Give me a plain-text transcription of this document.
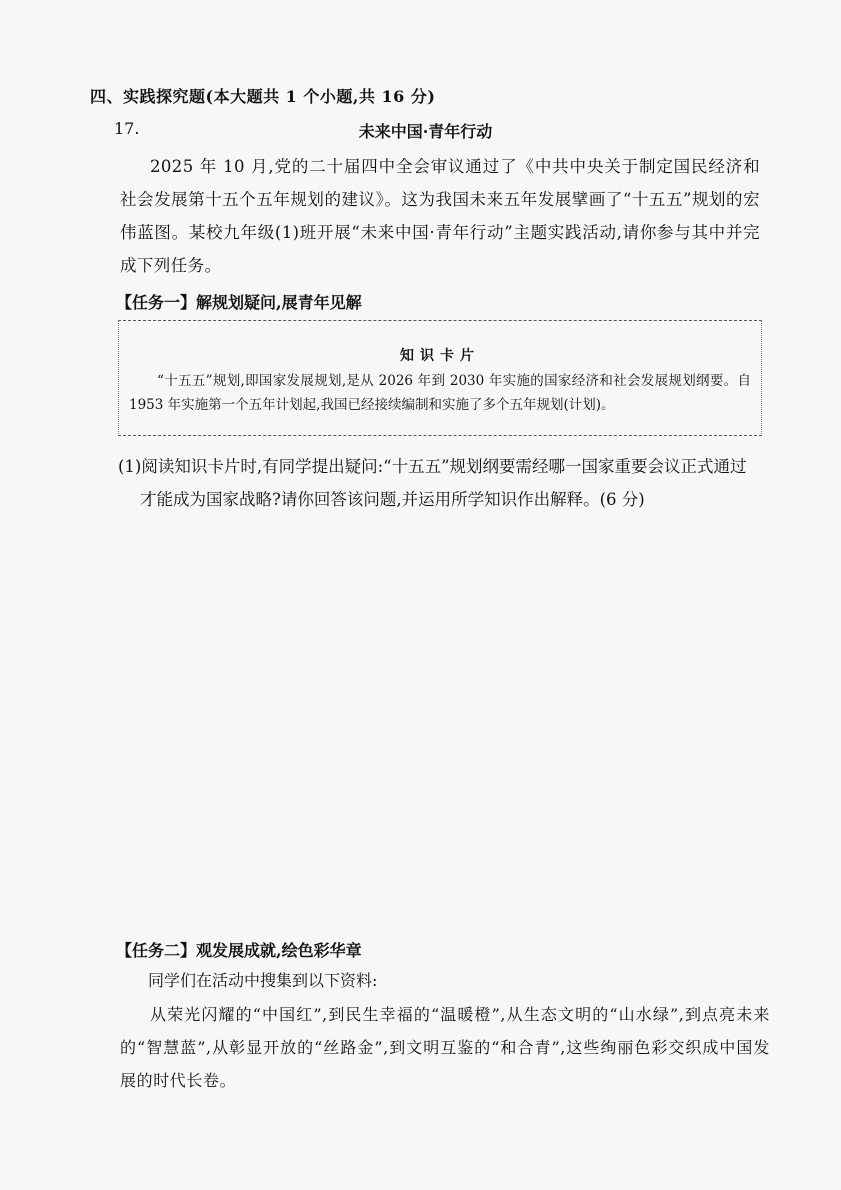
四、实践探究题(本大题共 1 个小题,共 16 分)
17.	未来中国·青年行动
2025 年 10 月,党的二十届四中全会审议通过了《中共中央关于制定国民经济和社会发展第十五个五年规划的建议》。这为我国未来五年发展擘画了“十五五”规划的宏伟蓝图。某校九年级(1)班开展“未来中国·青年行动”主题实践活动,请你参与其中并完成下列任务。
【任务一】解规划疑问,展青年见解
知识卡片
“十五五”规划,即国家发展规划,是从 2026 年到 2030 年实施的国家经济和社会发展规划纲要。自 1953 年实施第一个五年计划起,我国已经接续编制和实施了多个五年规划(计划)。
(1)阅读知识卡片时,有同学提出疑问:“十五五”规划纲要需经哪一国家重要会议正式通过
才能成为国家战略?请你回答该问题,并运用所学知识作出解释。(6 分)
【任务二】观发展成就,绘色彩华章
同学们在活动中搜集到以下资料:
从荣光闪耀的“中国红”,到民生幸福的“温暖橙”,从生态文明的“山水绿”,到点亮未来的“智慧蓝”,从彰显开放的“丝路金”,到文明互鉴的“和合青”,这些绚丽色彩交织成中国发展的时代长卷。
